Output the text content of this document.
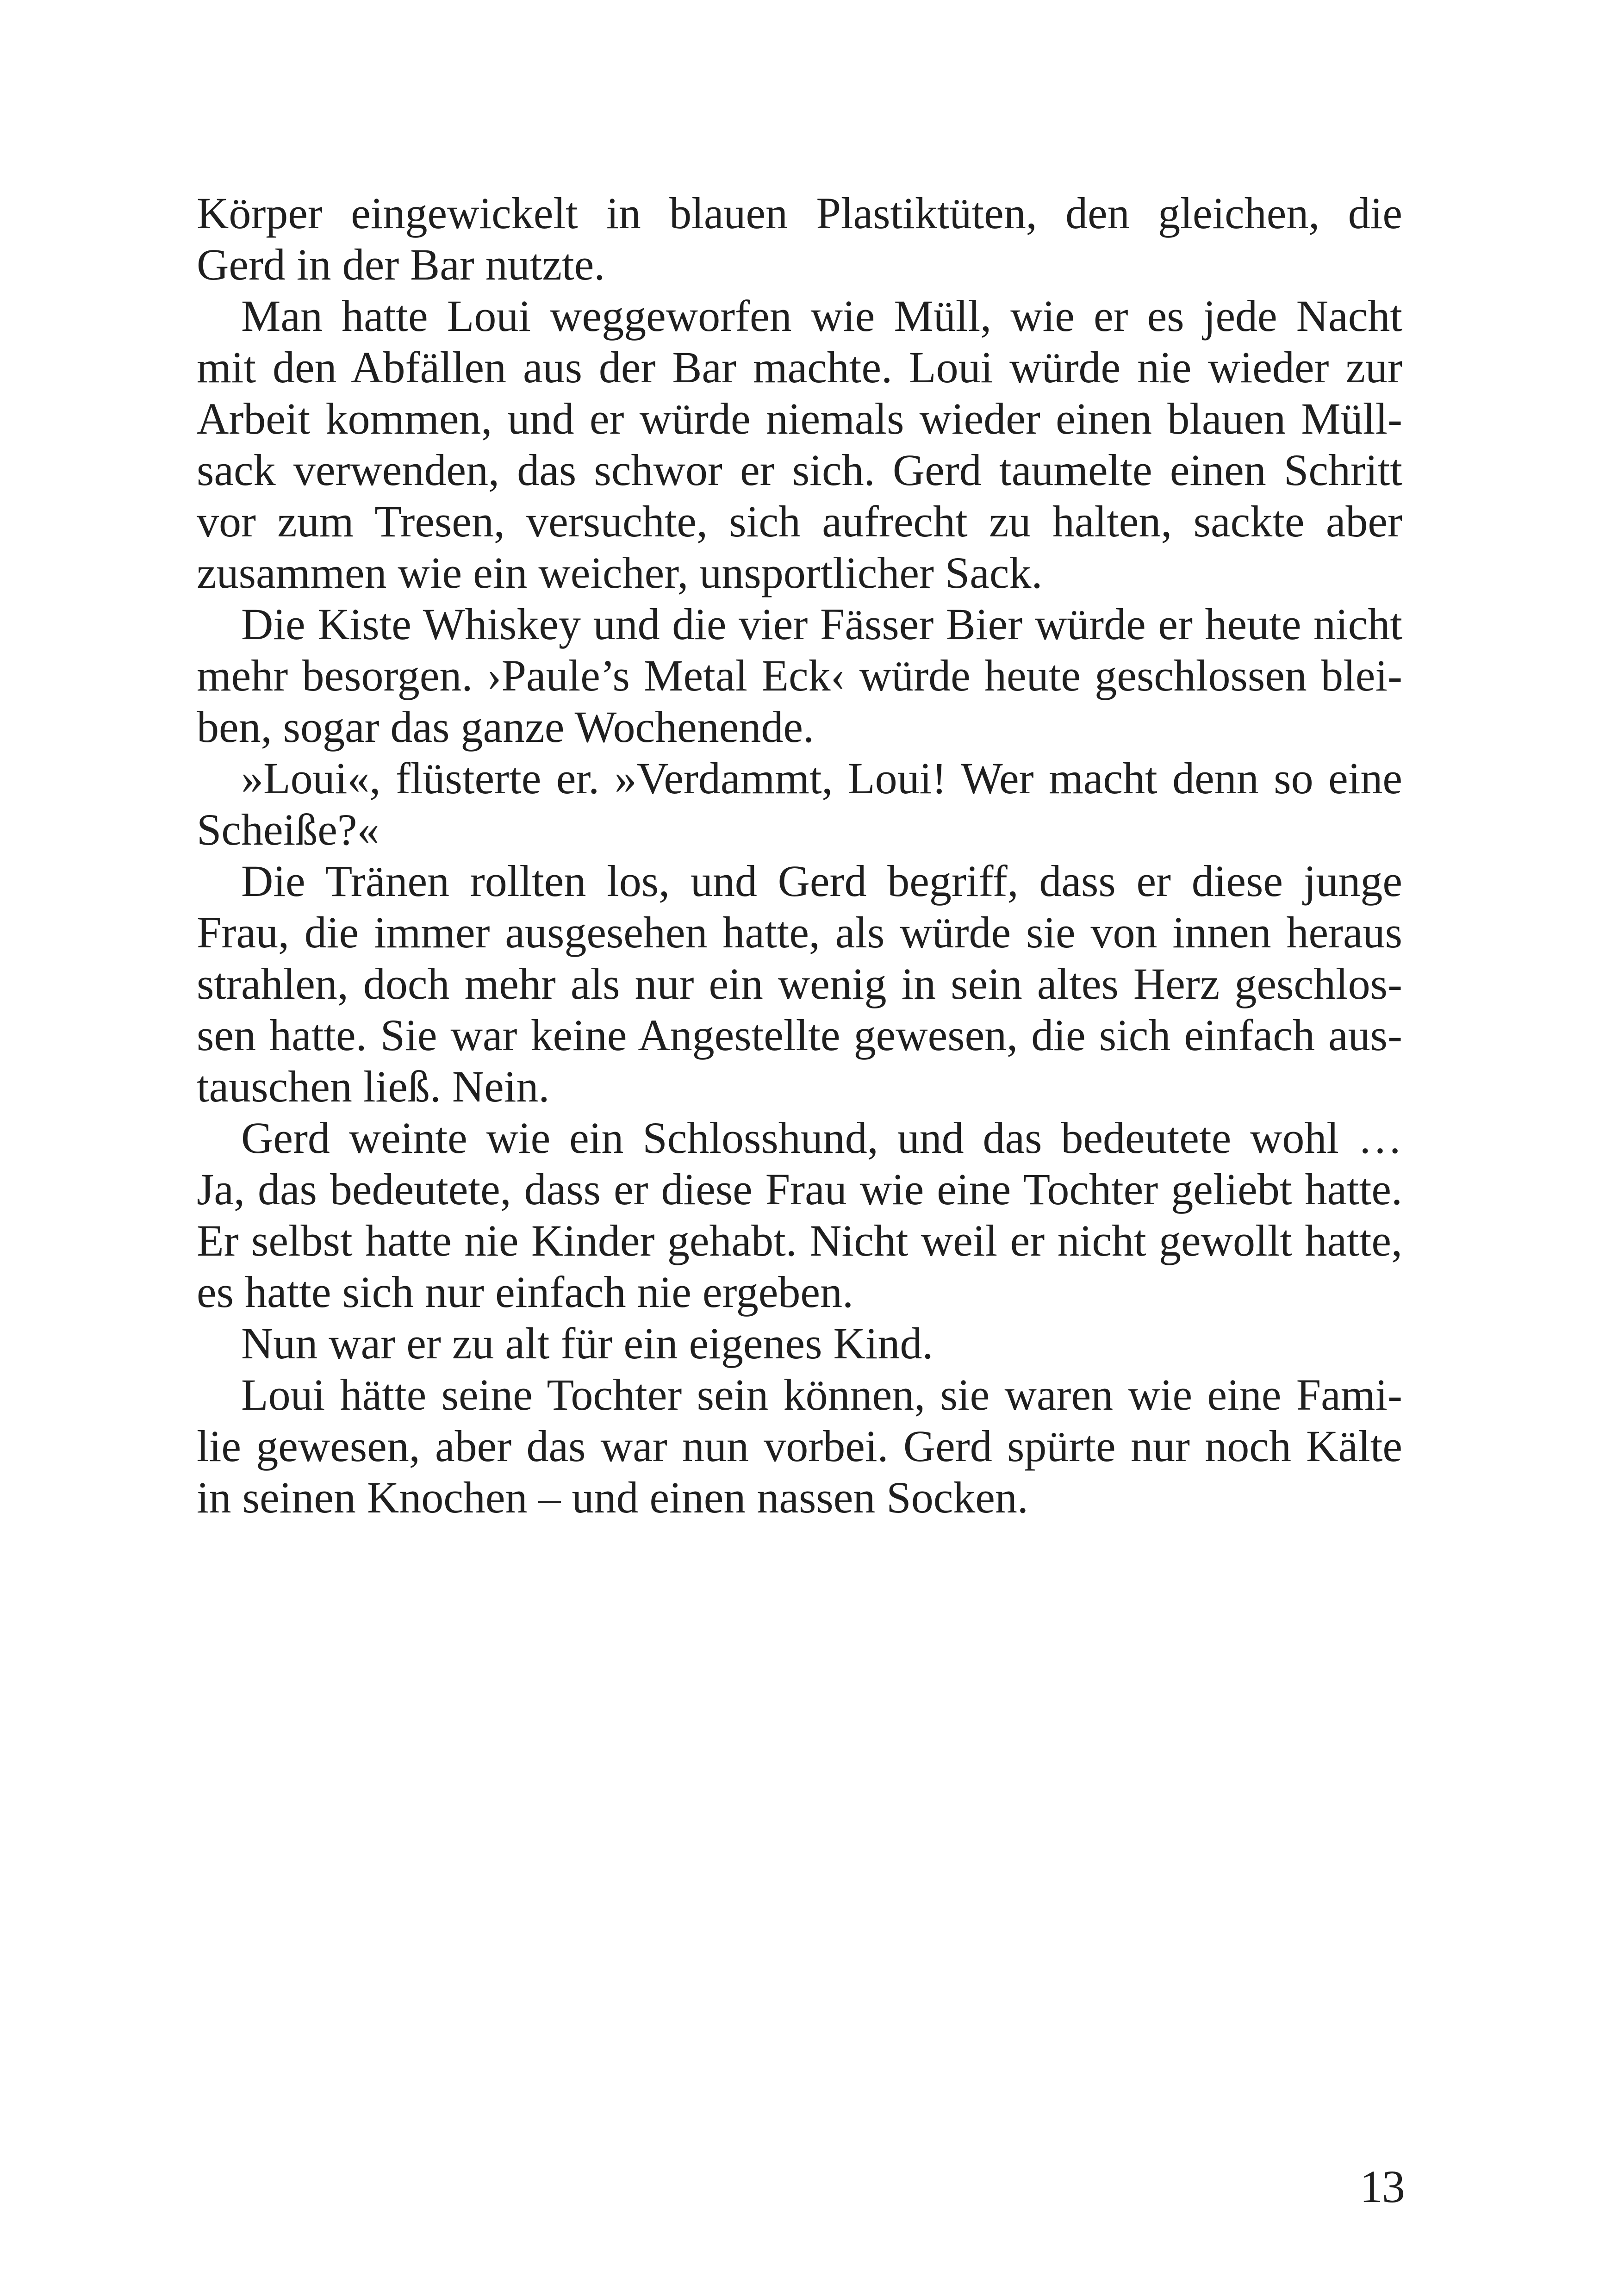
Körper eingewickelt in blauen Plastiktüten, den gleichen, die
Gerd in der Bar nutzte.
Man hatte Loui weggeworfen wie Müll, wie er es jede Nacht
mit den Abfällen aus der Bar machte. Loui würde nie wieder zur
Arbeit kommen, und er würde niemals wieder einen blauen Müll-
sack verwenden, das schwor er sich. Gerd taumelte einen Schritt
vor zum Tresen, versuchte, sich aufrecht zu halten, sackte aber
zusammen wie ein weicher, unsportlicher Sack.
Die Kiste Whiskey und die vier Fässer Bier würde er heute nicht
mehr besorgen. ›Paule’s Metal Eck‹ würde heute geschlossen blei-
ben, sogar das ganze Wochenende.
»Loui«, flüsterte er. »Verdammt, Loui! Wer macht denn so eine
Scheiße?«
Die Tränen rollten los, und Gerd begriff, dass er diese junge
Frau, die immer ausgesehen hatte, als würde sie von innen heraus
strahlen, doch mehr als nur ein wenig in sein altes Herz geschlos-
sen hatte. Sie war keine Angestellte gewesen, die sich einfach aus-
tauschen ließ. Nein.
Gerd weinte wie ein Schlosshund, und das bedeutete wohl …
Ja, das bedeutete, dass er diese Frau wie eine Tochter geliebt hatte.
Er selbst hatte nie Kinder gehabt. Nicht weil er nicht gewollt hatte,
es hatte sich nur einfach nie ergeben.
Nun war er zu alt für ein eigenes Kind.
Loui hätte seine Tochter sein können, sie waren wie eine Fami-
lie gewesen, aber das war nun vorbei. Gerd spürte nur noch Kälte
in seinen Knochen – und einen nassen Socken.
13
